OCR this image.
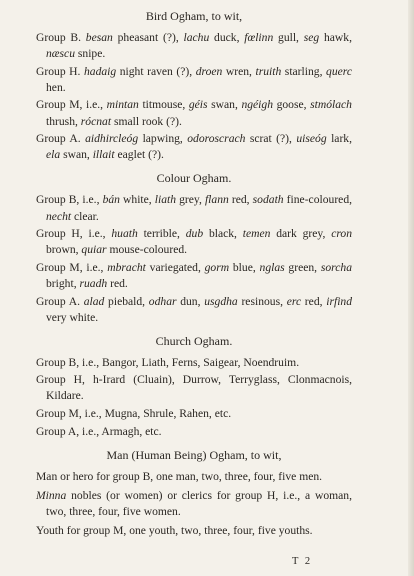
Bird Ogham, to wit,
Group B. besan pheasant (?), lachu duck, fœlinn gull, seg hawk, næscu snipe.
Group H. hadaig night raven (?), droen wren, truith starling, querc hen.
Group M, i.e., mintan titmouse, géis swan, ngéigh goose, stmólach thrush, rócnat small rook (?).
Group A. aidhircleóg lapwing, odoroscrach scrat (?), uiseóg lark, ela swan, illait eaglet (?).
Colour Ogham.
Group B, i.e., bán white, liath grey, flann red, sodath fine-coloured, necht clear.
Group H, i.e., huath terrible, dub black, temen dark grey, cron brown, quiar mouse-coloured.
Group M, i.e., mbracht variegated, gorm blue, nglas green, sorcha bright, ruadh red.
Group A. alad piebald, odhar dun, usgdha resinous, erc red, irfind very white.
Church Ogham.
Group B, i.e., Bangor, Liath, Ferns, Saigear, Noendruim.
Group H, h-Irard (Cluain), Durrow, Terryglass, Clonmacnois, Kildare.
Group M, i.e., Mugna, Shrule, Rahen, etc.
Group A, i.e., Armagh, etc.
Man (Human Being) Ogham, to wit,
Man or hero for group B, one man, two, three, four, five men.
Minna nobles (or women) or clerics for group H, i.e., a woman, two, three, four, five women.
Youth for group M, one youth, two, three, four, five youths.
T 2
